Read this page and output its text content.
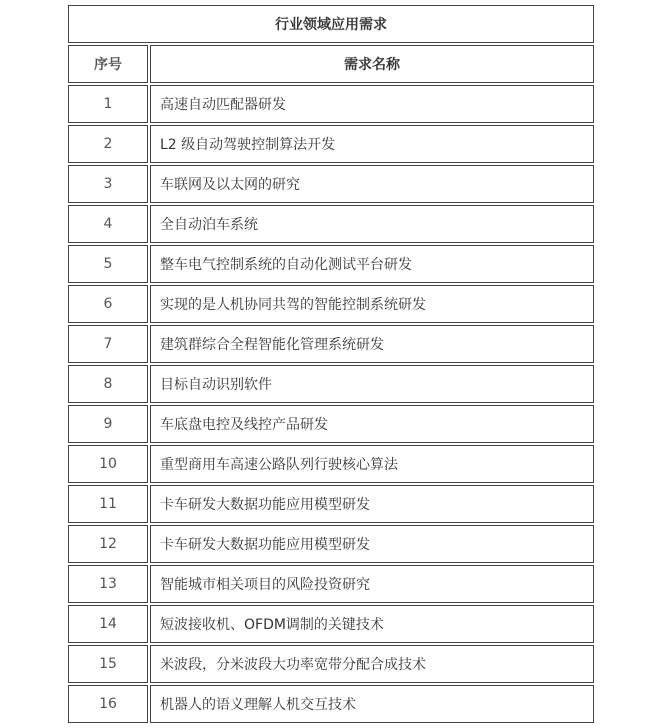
行业领域应用需求
序号	需求名称
1	高速自动匹配器研发
2	L2 级自动驾驶控制算法开发
3	车联网及以太网的研究
4	全自动泊车系统
5	整车电气控制系统的自动化测试平台研发
6	实现的是人机协同共驾的智能控制系统研发
7	建筑群综合全程智能化管理系统研发
8	目标自动识别软件
9	车底盘电控及线控产品研发
10	重型商用车高速公路队列行驶核心算法
11	卡车研发大数据功能应用模型研发
12	卡车研发大数据功能应用模型研发
13	智能城市相关项目的风险投资研究
14	短波接收机、OFDM调制的关键技术
15	米波段，分米波段大功率宽带分配合成技术
16	机器人的语义理解人机交互技术
